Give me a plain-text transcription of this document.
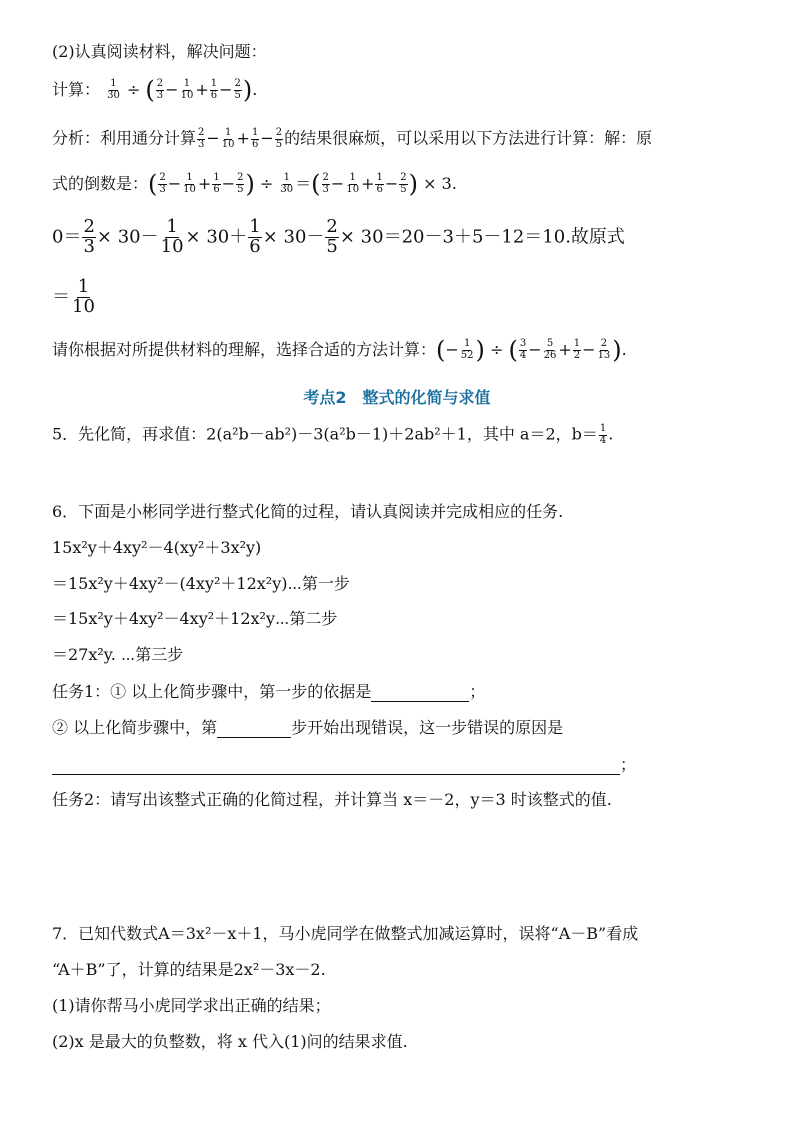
(2)认真阅读材料，解决问题：
计算： $\frac{1}{30}$ ÷ ( $\frac{2}{3} - \frac{1}{10} + \frac{1}{6} - \frac{2}{5}$ ).
分析：利用通分计算 $\frac{2}{3} - \frac{1}{10} + \frac{1}{6} - \frac{2}{5}$ 的结果很麻烦，可以采用以下方法进行计算：解：原
式的倒数是：( $\frac{2}{3} - \frac{1}{10} + \frac{1}{6} - \frac{2}{5}$ ) ÷ $\frac{1}{30}$ ＝( $\frac{2}{3} - \frac{1}{10} + \frac{1}{6} - \frac{2}{5}$ ) × 3.
$0= \frac{2}{3} \times 30- \frac{1}{10} \times 30+ \frac{1}{6} \times 30- \frac{2}{5} \times 30=20-3+5-12=10$.故原式
＝ $\frac{1}{10}$
请你根据对所提供材料的理解，选择合适的方法计算：(− $\frac{1}{52}$ ) ÷ ( $\frac{3}{4} - \frac{5}{26} + \frac{1}{2} - \frac{2}{13}$ ).
考点2　整式的化简与求值
5．先化简，再求值：2(a²b－ab²)－3(a²b－1)＋2ab²＋1，其中 a＝2，$b= \frac{1}{4}$ .
6．下面是小彬同学进行整式化简的过程，请认真阅读并完成相应的任务.
15x²y＋4xy²－4(xy²＋3x²y)
＝15x²y＋4xy²－(4xy²＋12x²y)⋯第一步
＝15x²y＋4xy²－4xy²＋12x²y⋯第二步
＝27x²y. ⋯第三步
任务1：① 以上化简步骤中，第一步的依据是	；
② 以上化简步骤中，第	步开始出现错误，这一步错误的原因是
；
任务2：请写出该整式正确的化简过程，并计算当 x＝－2，y＝3 时该整式的值.
7．已知代数式A＝3x²－x＋1，马小虎同学在做整式加减运算时，误将“A－B”看成
“A＋B”了，计算的结果是2x²－3x－2.
(1)请你帮马小虎同学求出正确的结果；
(2)x 是最大的负整数，将 x 代入(1)问的结果求值.
